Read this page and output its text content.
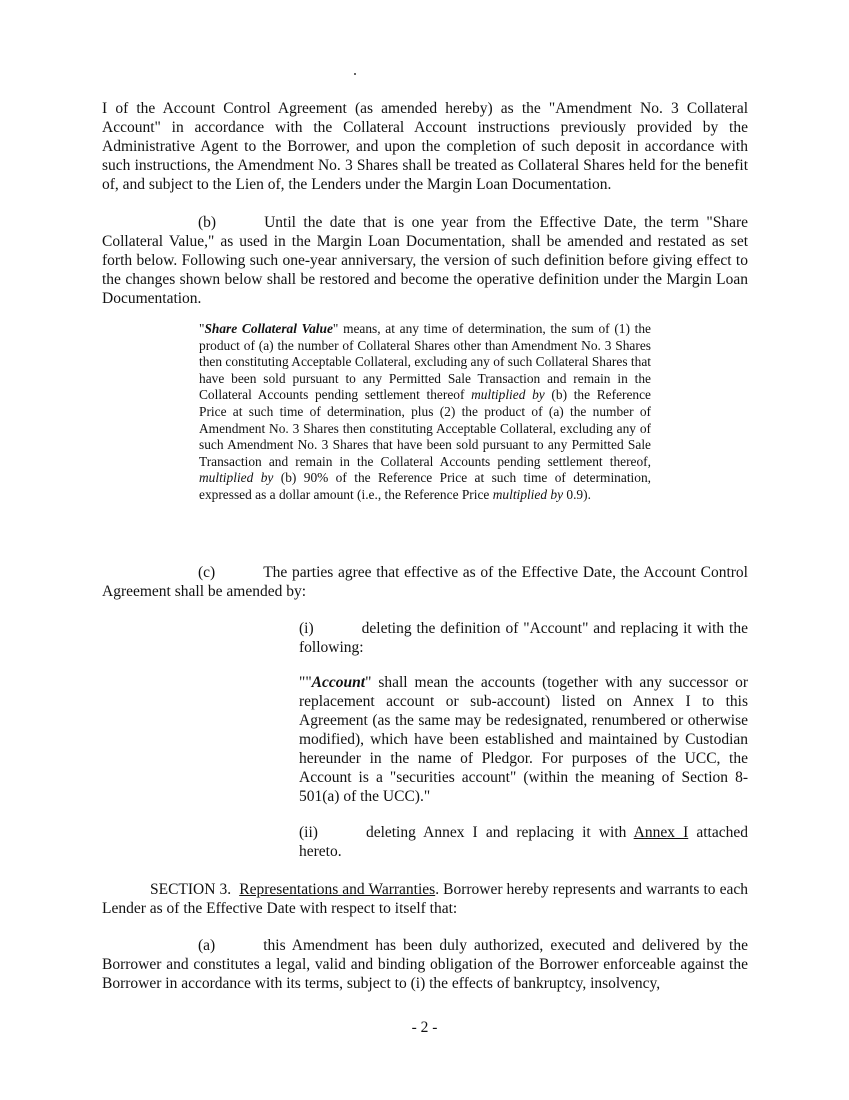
I of the Account Control Agreement (as amended hereby) as the "Amendment No. 3 Collateral Account" in accordance with the Collateral Account instructions previously provided by the Administrative Agent to the Borrower, and upon the completion of such deposit in accordance with such instructions, the Amendment No. 3 Shares shall be treated as Collateral Shares held for the benefit of, and subject to the Lien of, the Lenders under the Margin Loan Documentation.

(b)	Until the date that is one year from the Effective Date, the term "Share Collateral Value," as used in the Margin Loan Documentation, shall be amended and restated as set forth below. Following such one-year anniversary, the version of such definition before giving effect to the changes shown below shall be restored and become the operative definition under the Margin Loan Documentation.

"Share Collateral Value" means, at any time of determination, the sum of (1) the product of (a) the number of Collateral Shares other than Amendment No. 3 Shares then constituting Acceptable Collateral, excluding any of such Collateral Shares that have been sold pursuant to any Permitted Sale Transaction and remain in the Collateral Accounts pending settlement thereof multiplied by (b) the Reference Price at such time of determination, plus (2) the product of (a) the number of Amendment No. 3 Shares then constituting Acceptable Collateral, excluding any of such Amendment No. 3 Shares that have been sold pursuant to any Permitted Sale Transaction and remain in the Collateral Accounts pending settlement thereof, multiplied by (b) 90% of the Reference Price at such time of determination, expressed as a dollar amount (i.e., the Reference Price multiplied by 0.9).

(c)	The parties agree that effective as of the Effective Date, the Account Control Agreement shall be amended by:

(i)	deleting the definition of "Account" and replacing it with the following:

""Account" shall mean the accounts (together with any successor or replacement account or sub-account) listed on Annex I to this Agreement (as the same may be redesignated, renumbered or otherwise modified), which have been established and maintained by Custodian hereunder in the name of Pledgor. For purposes of the UCC, the Account is a "securities account" (within the meaning of Section 8-501(a) of the UCC)."

(ii)	deleting Annex I and replacing it with Annex I attached hereto.

SECTION 3. Representations and Warranties. Borrower hereby represents and warrants to each Lender as of the Effective Date with respect to itself that:

(a)	this Amendment has been duly authorized, executed and delivered by the Borrower and constitutes a legal, valid and binding obligation of the Borrower enforceable against the Borrower in accordance with its terms, subject to (i) the effects of bankruptcy, insolvency,

- 2 -
